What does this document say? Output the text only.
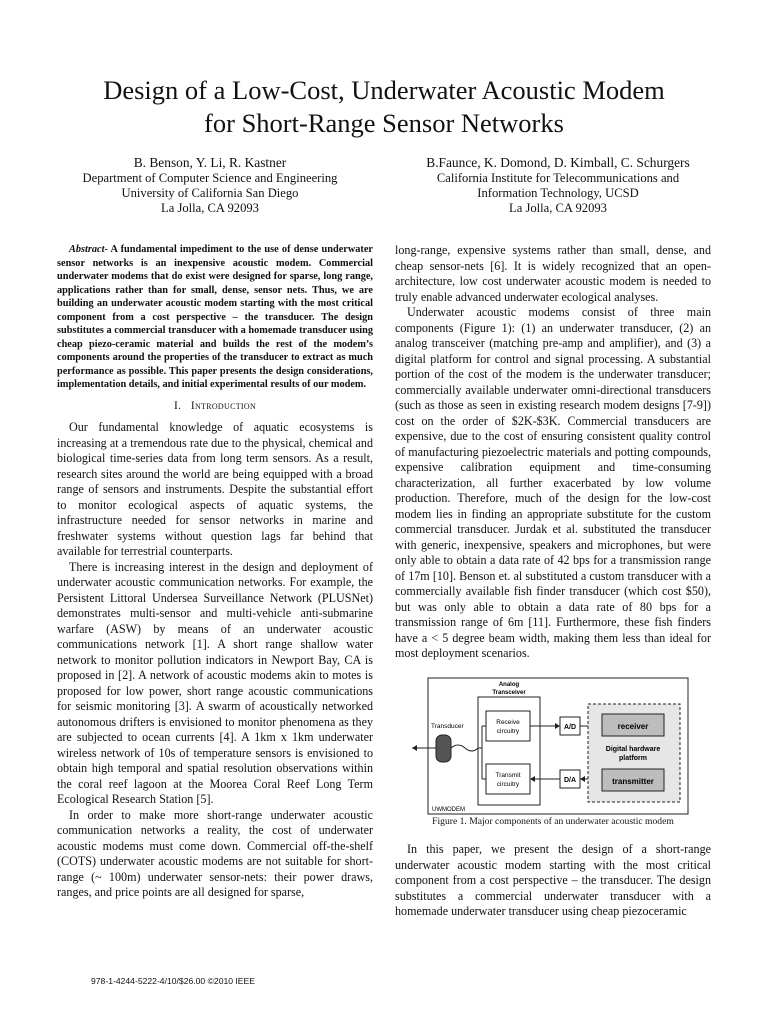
Design of a Low-Cost, Underwater Acoustic Modem
for Short-Range Sensor Networks
B. Benson, Y. Li, R. Kastner
Department of Computer Science and Engineering
University of California San Diego
La Jolla, CA 92093
B.Faunce, K. Domond, D. Kimball, C. Schurgers
California Institute for Telecommunications and
Information Technology, UCSD
La Jolla, CA 92093

Abstract- A fundamental impediment to the use of dense underwater sensor networks is an inexpensive acoustic modem. Commercial underwater modems that do exist were designed for sparse, long range, applications rather than for small, dense, sensor nets. Thus, we are building an underwater acoustic modem starting with the most critical component from a cost perspective – the transducer. The design substitutes a commercial transducer with a homemade transducer using cheap piezo-ceramic material and builds the rest of the modem’s components around the properties of the transducer to extract as much performance as possible. This paper presents the design considerations, implementation details, and initial experimental results of our modem.

I. Introduction

Our fundamental knowledge of aquatic ecosystems is increasing at a tremendous rate due to the physical, chemical and biological time-series data from long term sensors. As a result, research sites around the world are being equipped with a broad range of sensors and instruments. Despite the substantial effort to monitor ecological aspects of aquatic systems, the infrastructure needed for sensor networks in marine and freshwater systems without question lags far behind that available for terrestrial counterparts.

There is increasing interest in the design and deployment of underwater acoustic communication networks. For example, the Persistent Littoral Undersea Surveillance Network (PLUSNet) demonstrates multi-sensor and multi-vehicle anti-submarine warfare (ASW) by means of an underwater acoustic communications network [1]. A short range shallow water network to monitor pollution indicators in Newport Bay, CA is proposed in [2]. A network of acoustic modems akin to motes is proposed for low power, short range acoustic communications for seismic monitoring [3]. A swarm of acoustically networked autonomous drifters is envisioned to monitor phenomena as they are subjected to ocean currents [4]. A 1km x 1km underwater wireless network of 10s of temperature sensors is envisioned to obtain high temporal and spatial resolution observations within the coral reef lagoon at the Moorea Coral Reef Long Term Ecological Research Station [5].

In order to make more short-range underwater acoustic communication networks a reality, the cost of underwater acoustic modems must come down. Commercial off-the-shelf (COTS) underwater acoustic modems are not suitable for short-range (~ 100m) underwater sensor-nets: their power draws, ranges, and price points are all designed for sparse,

long-range, expensive systems rather than small, dense, and cheap sensor-nets [6]. It is widely recognized that an open-architecture, low cost underwater acoustic modem is needed to truly enable advanced underwater ecological analyses.

Underwater acoustic modems consist of three main components (Figure 1): (1) an underwater transducer, (2) an analog transceiver (matching pre-amp and amplifier), and (3) a digital platform for control and signal processing. A substantial portion of the cost of the modem is the underwater transducer; commercially available underwater omni-directional transducers (such as those as seen in existing research modem designs [7-9]) cost on the order of $2K-$3K. Commercial transducers are expensive, due to the cost of ensuring consistent quality control of manufacturing piezoelectric materials and potting compounds, expensive calibration equipment and time-consuming characterization, all further exacerbated by low volume production. Therefore, much of the design for the low-cost modem lies in finding an appropriate substitute for the custom commercial transducer. Jurdak et al. substituted the transducer with generic, inexpensive, speakers and microphones, but were only able to obtain a data rate of 42 bps for a transmission range of 17m [10]. Benson et. al substituted a custom transducer with a commercially available fish finder transducer (which cost $50), but was only able to obtain a data rate of 80 bps for a transmission range of 6m [11]. Furthermore, these fish finders have a < 5 degree beam width, making them less than ideal for most deployment scenarios.

UWMODEM
Transducer
Analog
Transceiver
Receive
circuitry
Transmit
circuitry
A/D
D/A
receiver
Digital hardware
platform
transmitter
Figure 1. Major components of an underwater acoustic modem

In this paper, we present the design of a short-range underwater acoustic modem starting with the most critical component from a cost perspective – the transducer. The design substitutes a commercial underwater transducer with a homemade underwater transducer using cheap piezoceramic

978-1-4244-5222-4/10/$26.00 ©2010 IEEE
